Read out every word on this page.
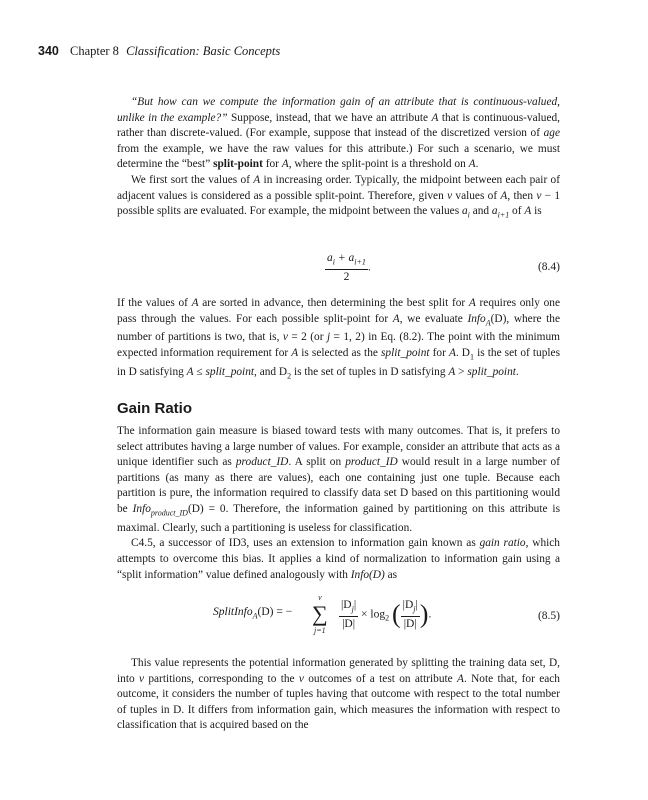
340 Chapter 8 Classification: Basic Concepts

“But how can we compute the information gain of an attribute that is continuous-valued, unlike in the example?” Suppose, instead, that we have an attribute A that is continuous-valued, rather than discrete-valued. (For example, suppose that instead of the discretized version of age from the example, we have the raw values for this attribute.) For such a scenario, we must determine the “best” split-point for A, where the split-point is a threshold on A.

We first sort the values of A in increasing order. Typically, the midpoint between each pair of adjacent values is considered as a possible split-point. Therefore, given v values of A, then v − 1 possible splits are evaluated. For example, the midpoint between the values $a_i$ and $a_{i+1}$ of A is

$\frac{a_i + a_{i+1}}{2}$ .	(8.4)

If the values of A are sorted in advance, then determining the best split for A requires only one pass through the values. For each possible split-point for A, we evaluate Info$_A$(D), where the number of partitions is two, that is, v = 2 (or j = 1, 2) in Eq. (8.2). The point with the minimum expected information requirement for A is selected as the split_point for A. $D_1$ is the set of tuples in D satisfying A ≤ split_point, and $D_2$ is the set of tuples in D satisfying A > split_point.

Gain Ratio

The information gain measure is biased toward tests with many outcomes. That is, it prefers to select attributes having a large number of values. For example, consider an attribute that acts as a unique identifier such as product_ID. A split on product_ID would result in a large number of partitions (as many as there are values), each one containing just one tuple. Because each partition is pure, the information required to classify data set D based on this partitioning would be Info$_{product\_ID}$(D) = 0. Therefore, the information gained by partitioning on this attribute is maximal. Clearly, such a partitioning is useless for classification.

C4.5, a successor of ID3, uses an extension to information gain known as gain ratio, which attempts to overcome this bias. It applies a kind of normalization to information gain using a “split information” value defined analogously with Info(D) as

SplitInfo$_A$(D) = −
v
∑
$j=1 \frac{|D_j|}{|D|} \times \log_2$ ( $\frac{|D_j|}{|D|}$ ).	(8.5)

This value represents the potential information generated by splitting the training data set, D, into v partitions, corresponding to the v outcomes of a test on attribute A. Note that, for each outcome, it considers the number of tuples having that outcome with respect to the total number of tuples in D. It differs from information gain, which measures the information with respect to classification that is acquired based on the
